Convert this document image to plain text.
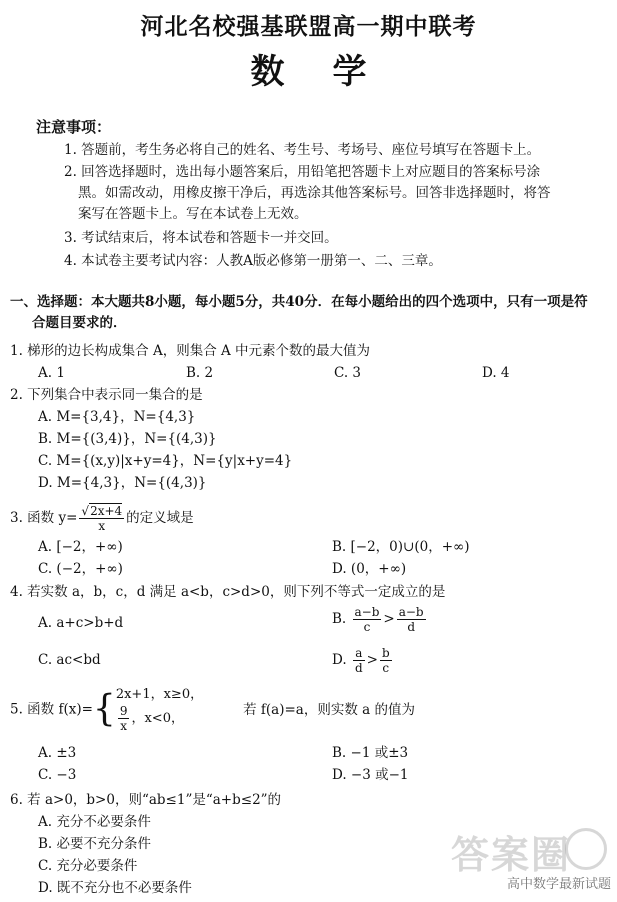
河北名校强基联盟高一期中联考
数学
注意事项：
1. 答题前，考生务必将自己的姓名、考生号、考场号、座位号填写在答题卡上。
2. 回答选择题时，选出每小题答案后，用铅笔把答题卡上对应题目的答案标号涂
黑。如需改动，用橡皮擦干净后，再选涂其他答案标号。回答非选择题时，将答
案写在答题卡上。写在本试卷上无效。
3. 考试结束后，将本试卷和答题卡一并交回。
4. 本试卷主要考试内容：人教A版必修第一册第一、二、三章。
一、选择题：本大题共8小题，每小题5分，共40分．在每小题给出的四个选项中，只有一项是符
合题目要求的．
1. 梯形的边长构成集合 A，则集合 A 中元素个数的最大值为
A. 1	B. 2	C. 3	D. 4
2. 下列集合中表示同一集合的是
A. M={3,4}，N={4,3}
B. M={(3,4)}，N={(4,3)}
C. M={(x,y)|x+y=4}，N={y|x+y=4}
D. M={4,3}，N={(4,3)}
3. 函数 $y= \frac{√2x+4}{x}$ 的定义域是
A. [−2，+∞)	B. [−2，0)∪(0，+∞)
C. (−2，+∞)	D. (0，+∞)
4. 若实数 a，b，c，d 满足 a<b，c>d>0，则下列不等式一定成立的是
A. a+c>b+d	B. $\frac{a-b}{c} > \frac{a-b}{d}$
C. ac<bd	D. $\frac{a}{d} > \frac{b}{c}$
5. 函数 f(x)={ 2x+1，x≥0，
$\frac{9}{x}$ ，x<0，
若 f(a)=a，则实数 a 的值为
A. ±3	B. −1 或±3
C. −3	D. −3 或−1
6. 若 a>0，b>0，则“ab≤1”是“a+b≤2”的
A. 充分不必要条件
B. 必要不充分条件
C. 充分必要条件
D. 既不充分也不必要条件
答案圈
高中数学最新试题
